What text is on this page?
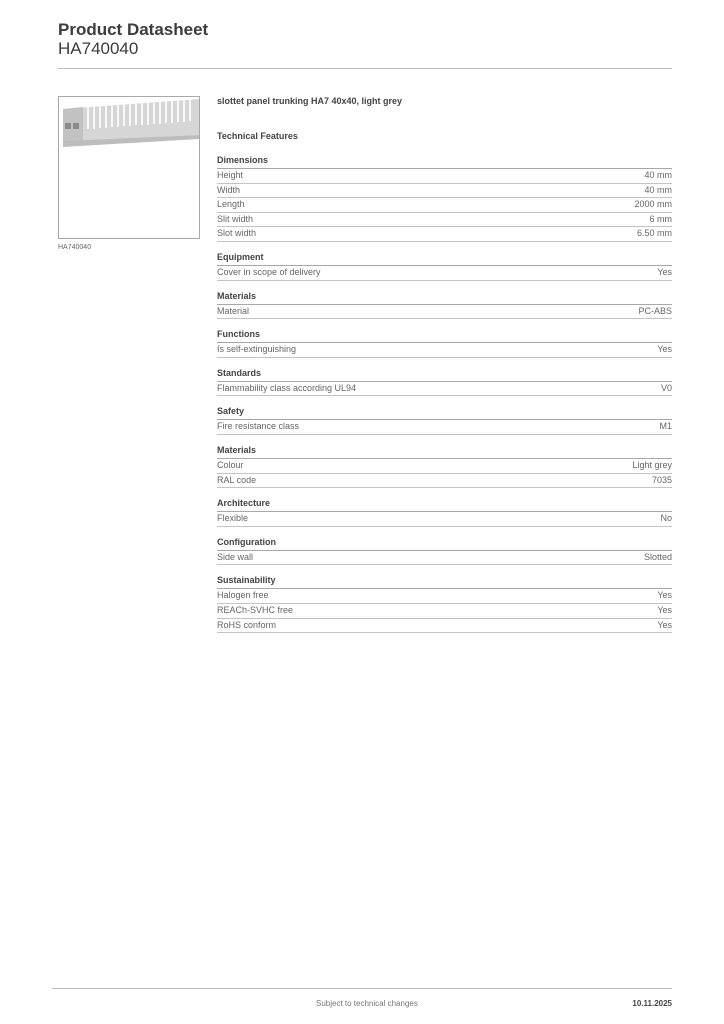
Product Datasheet
HA740040
HA740040
slottet panel trunking HA7 40x40, light grey
Technical Features
Dimensions
Height	40 mm
Width	40 mm
Length	2000 mm
Slit width	6 mm
Slot width	6.50 mm
Equipment
Cover in scope of delivery	Yes
Materials
Material	PC-ABS
Functions
Is self-extinguishing	Yes
Standards
Flammability class according UL94	V0
Safety
Fire resistance class	M1
Materials
Colour	Light grey
RAL code	7035
Architecture
Flexible	No
Configuration
Side wall	Slotted
Sustainability
Halogen free	Yes
REACh-SVHC free	Yes
RoHS conform	Yes
Subject to technical changes	10.11.2025
